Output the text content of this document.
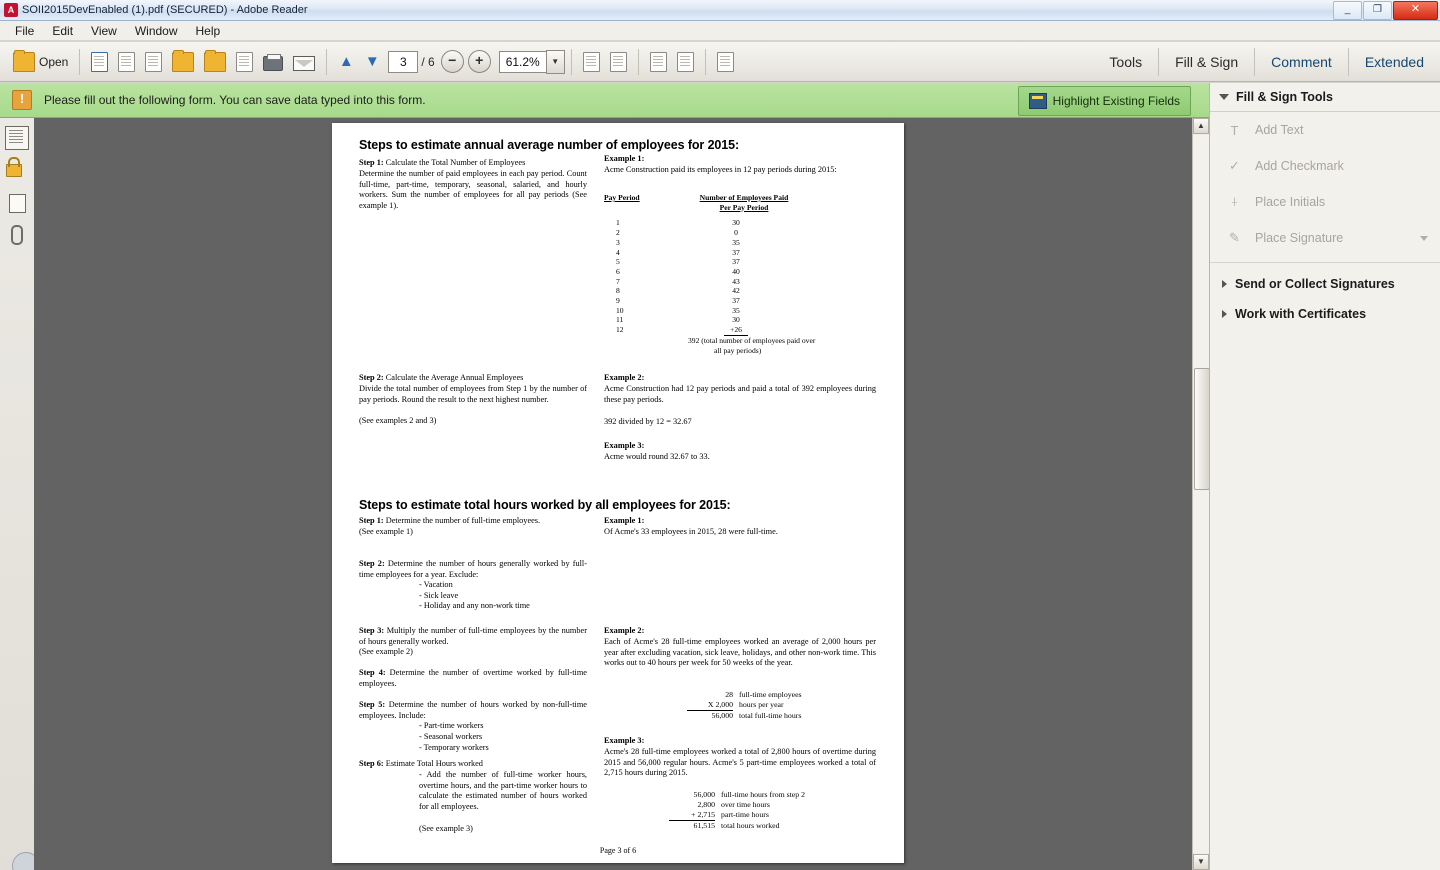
A SOII2015DevEnabled (1).pdf (SECURED) - Adobe Reader	_	❐	✕
File	Edit	View	Window	Help
Open	▲ ▼	3	/ 6 −	+	61.2%	▼	Tools	Fill & Sign	Comment	Extended
!	Please fill out the following form. You can save data typed into this form.	Highlight Existing Fields
Steps to estimate annual average number of employees for 2015:
Step 1: Calculate the Total Number of Employees
Determine the number of paid employees in each pay period. Count full-time, part-time, temporary, seasonal, salaried, and hourly workers. Sum the number of employees for all pay periods (See example 1).
Example 1:
Acme Construction paid its employees in 12 pay periods during 2015:
Pay Period	Number of Employees Paid
Per Pay Period
1	30
2	0
3	35
4	37
5	37
6	40
7	43
8	42
9	37
10	35
11	30
12	+26
392 (total number of employees paid over
all pay periods)
Step 2: Calculate the Average Annual Employees
Divide the total number of employees from Step 1 by the number of pay periods. Round the result to the next highest number.
(See examples 2 and 3)
Example 2:
Acme Construction had 12 pay periods and paid a total of 392 employees during these pay periods.
392 divided by 12 = 32.67
Example 3:
Acme would round 32.67 to 33.
Steps to estimate total hours worked by all employees for 2015:
Step 1: Determine the number of full-time employees.
(See example 1)
Example 1:
Of Acme's 33 employees in 2015, 28 were full-time.
Step 2: Determine the number of hours generally worked by full-time employees for a year. Exclude:
- Vacation
- Sick leave
- Holiday and any non-work time
Step 3: Multiply the number of full-time employees by the number of hours generally worked.
(See example 2)
Step 4: Determine the number of overtime worked by full-time employees.
Step 5: Determine the number of hours worked by non-full-time employees. Include:
- Part-time workers
- Seasonal workers
- Temporary workers
Step 6: Estimate Total Hours worked
- Add the number of full-time worker hours, overtime hours, and the part-time worker hours to calculate the estimated number of hours worked for all employees.
(See example 3)
Example 2:
Each of Acme's 28 full-time employees worked an average of 2,000 hours per year after excluding vacation, sick leave, holidays, and other non-work time. This works out to 40 hours per week for 50 weeks of the year.
28 full-time employees
X 2,000 hours per year
56,000 total full-time hours
Example 3:
Acme's 28 full-time employees worked a total of 2,800 hours of overtime during 2015 and 56,000 regular hours. Acme's 5 part-time employees worked a total of 2,715 hours during 2015.
56,000 full-time hours from step 2
2,800 over time hours
+ 2,715 part-time hours
61,515 total hours worked
Page 3 of 6
▲
▼
Fill & Sign Tools
T	Add Text
✓ Add Checkmark
⍭	Place Initials
✎ Place Signature
Send or Collect Signatures
Work with Certificates
